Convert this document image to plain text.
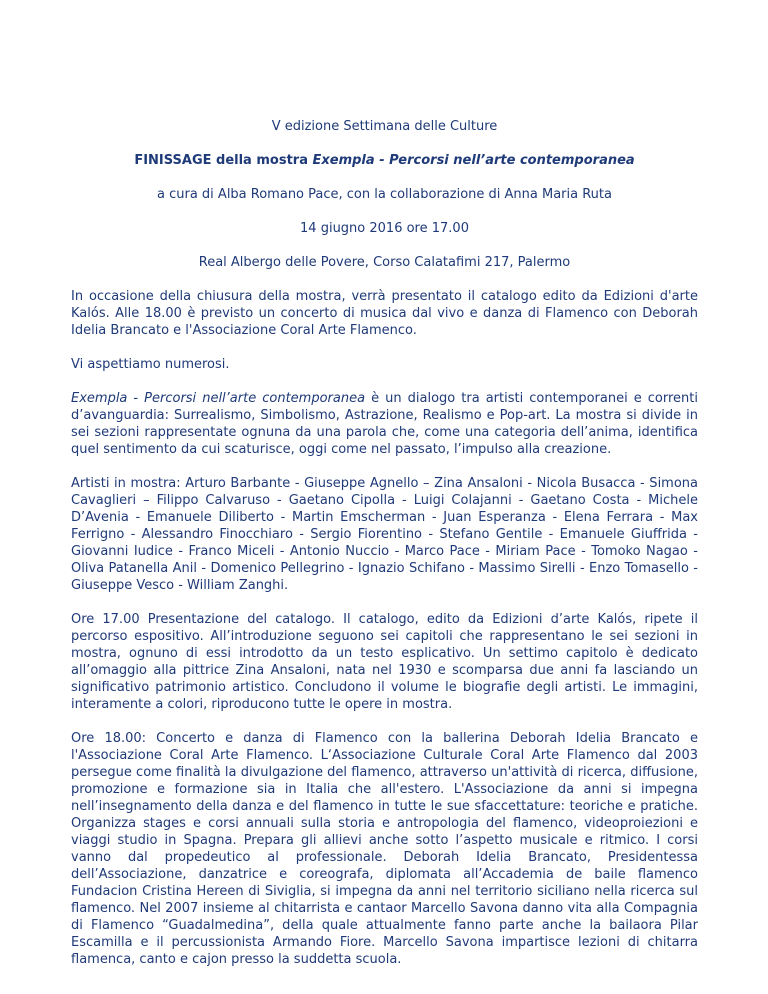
V edizione Settimana delle Culture

FINISSAGE della mostra Exempla - Percorsi nell’arte contemporanea

a cura di Alba Romano Pace, con la collaborazione di Anna Maria Ruta

14 giugno 2016 ore 17.00

Real Albergo delle Povere, Corso Calatafimi 217, Palermo

In occasione della chiusura della mostra, verrà presentato il catalogo edito da Edizioni d'arte Kalós. Alle 18.00 è previsto un concerto di musica dal vivo e danza di Flamenco con Deborah Idelia Brancato e l'Associazione Coral Arte Flamenco.

Vi aspettiamo numerosi.

Exempla - Percorsi nell’arte contemporanea è un dialogo tra artisti contemporanei e correnti d’avanguardia: Surrealismo, Simbolismo, Astrazione, Realismo e Pop-art. La mostra si divide in sei sezioni rappresentate ognuna da una parola che, come una categoria dell’anima, identifica quel sentimento da cui scaturisce, oggi come nel passato, l’impulso alla creazione.

Artisti in mostra: Arturo Barbante - Giuseppe Agnello – Zina Ansaloni - Nicola Busacca - Simona Cavaglieri – Filippo Calvaruso - Gaetano Cipolla - Luigi Colajanni - Gaetano Costa - Michele D’Avenia - Emanuele Diliberto - Martin Emscherman - Juan Esperanza - Elena Ferrara - Max Ferrigno - Alessandro Finocchiaro - Sergio Fiorentino - Stefano Gentile - Emanuele Giuffrida - Giovanni Iudice - Franco Miceli - Antonio Nuccio - Marco Pace - Miriam Pace - Tomoko Nagao - Oliva Patanella Anil - Domenico Pellegrino - Ignazio Schifano - Massimo Sirelli - Enzo Tomasello - Giuseppe Vesco - William Zanghi.

Ore 17.00 Presentazione del catalogo. Il catalogo, edito da Edizioni d’arte Kalós, ripete il percorso espositivo. All’introduzione seguono sei capitoli che rappresentano le sei sezioni in mostra, ognuno di essi introdotto da un testo esplicativo. Un settimo capitolo è dedicato all’omaggio alla pittrice Zina Ansaloni, nata nel 1930 e scomparsa due anni fa lasciando un significativo patrimonio artistico. Concludono il volume le biografie degli artisti. Le immagini, interamente a colori, riproducono tutte le opere in mostra.

Ore 18.00: Concerto e danza di Flamenco con la ballerina Deborah Idelia Brancato e l'Associazione Coral Arte Flamenco. L‘Associazione Culturale Coral Arte Flamenco dal 2003 persegue come finalità la divulgazione del flamenco, attraverso un'attività di ricerca, diffusione, promozione e formazione sia in Italia che all'estero. L'Associazione da anni si impegna nell’insegnamento della danza e del flamenco in tutte le sue sfaccettature: teoriche e pratiche. Organizza stages e corsi annuali sulla storia e antropologia del flamenco, videoproiezioni e viaggi studio in Spagna. Prepara gli allievi anche sotto l’aspetto musicale e ritmico. I corsi vanno dal propedeutico al professionale. Deborah Idelia Brancato, Presidentessa dell’Associazione, danzatrice e coreografa, diplomata all’Accademia de baile flamenco Fundacion Cristina Hereen di Siviglia, si impegna da anni nel territorio siciliano nella ricerca sul flamenco. Nel 2007 insieme al chitarrista e cantaor Marcello Savona danno vita alla Compagnia di Flamenco “Guadalmedina”, della quale attualmente fanno parte anche la bailaora Pilar Escamilla e il percussionista Armando Fiore. Marcello Savona impartisce lezioni di chitarra flamenca, canto e cajon presso la suddetta scuola.
